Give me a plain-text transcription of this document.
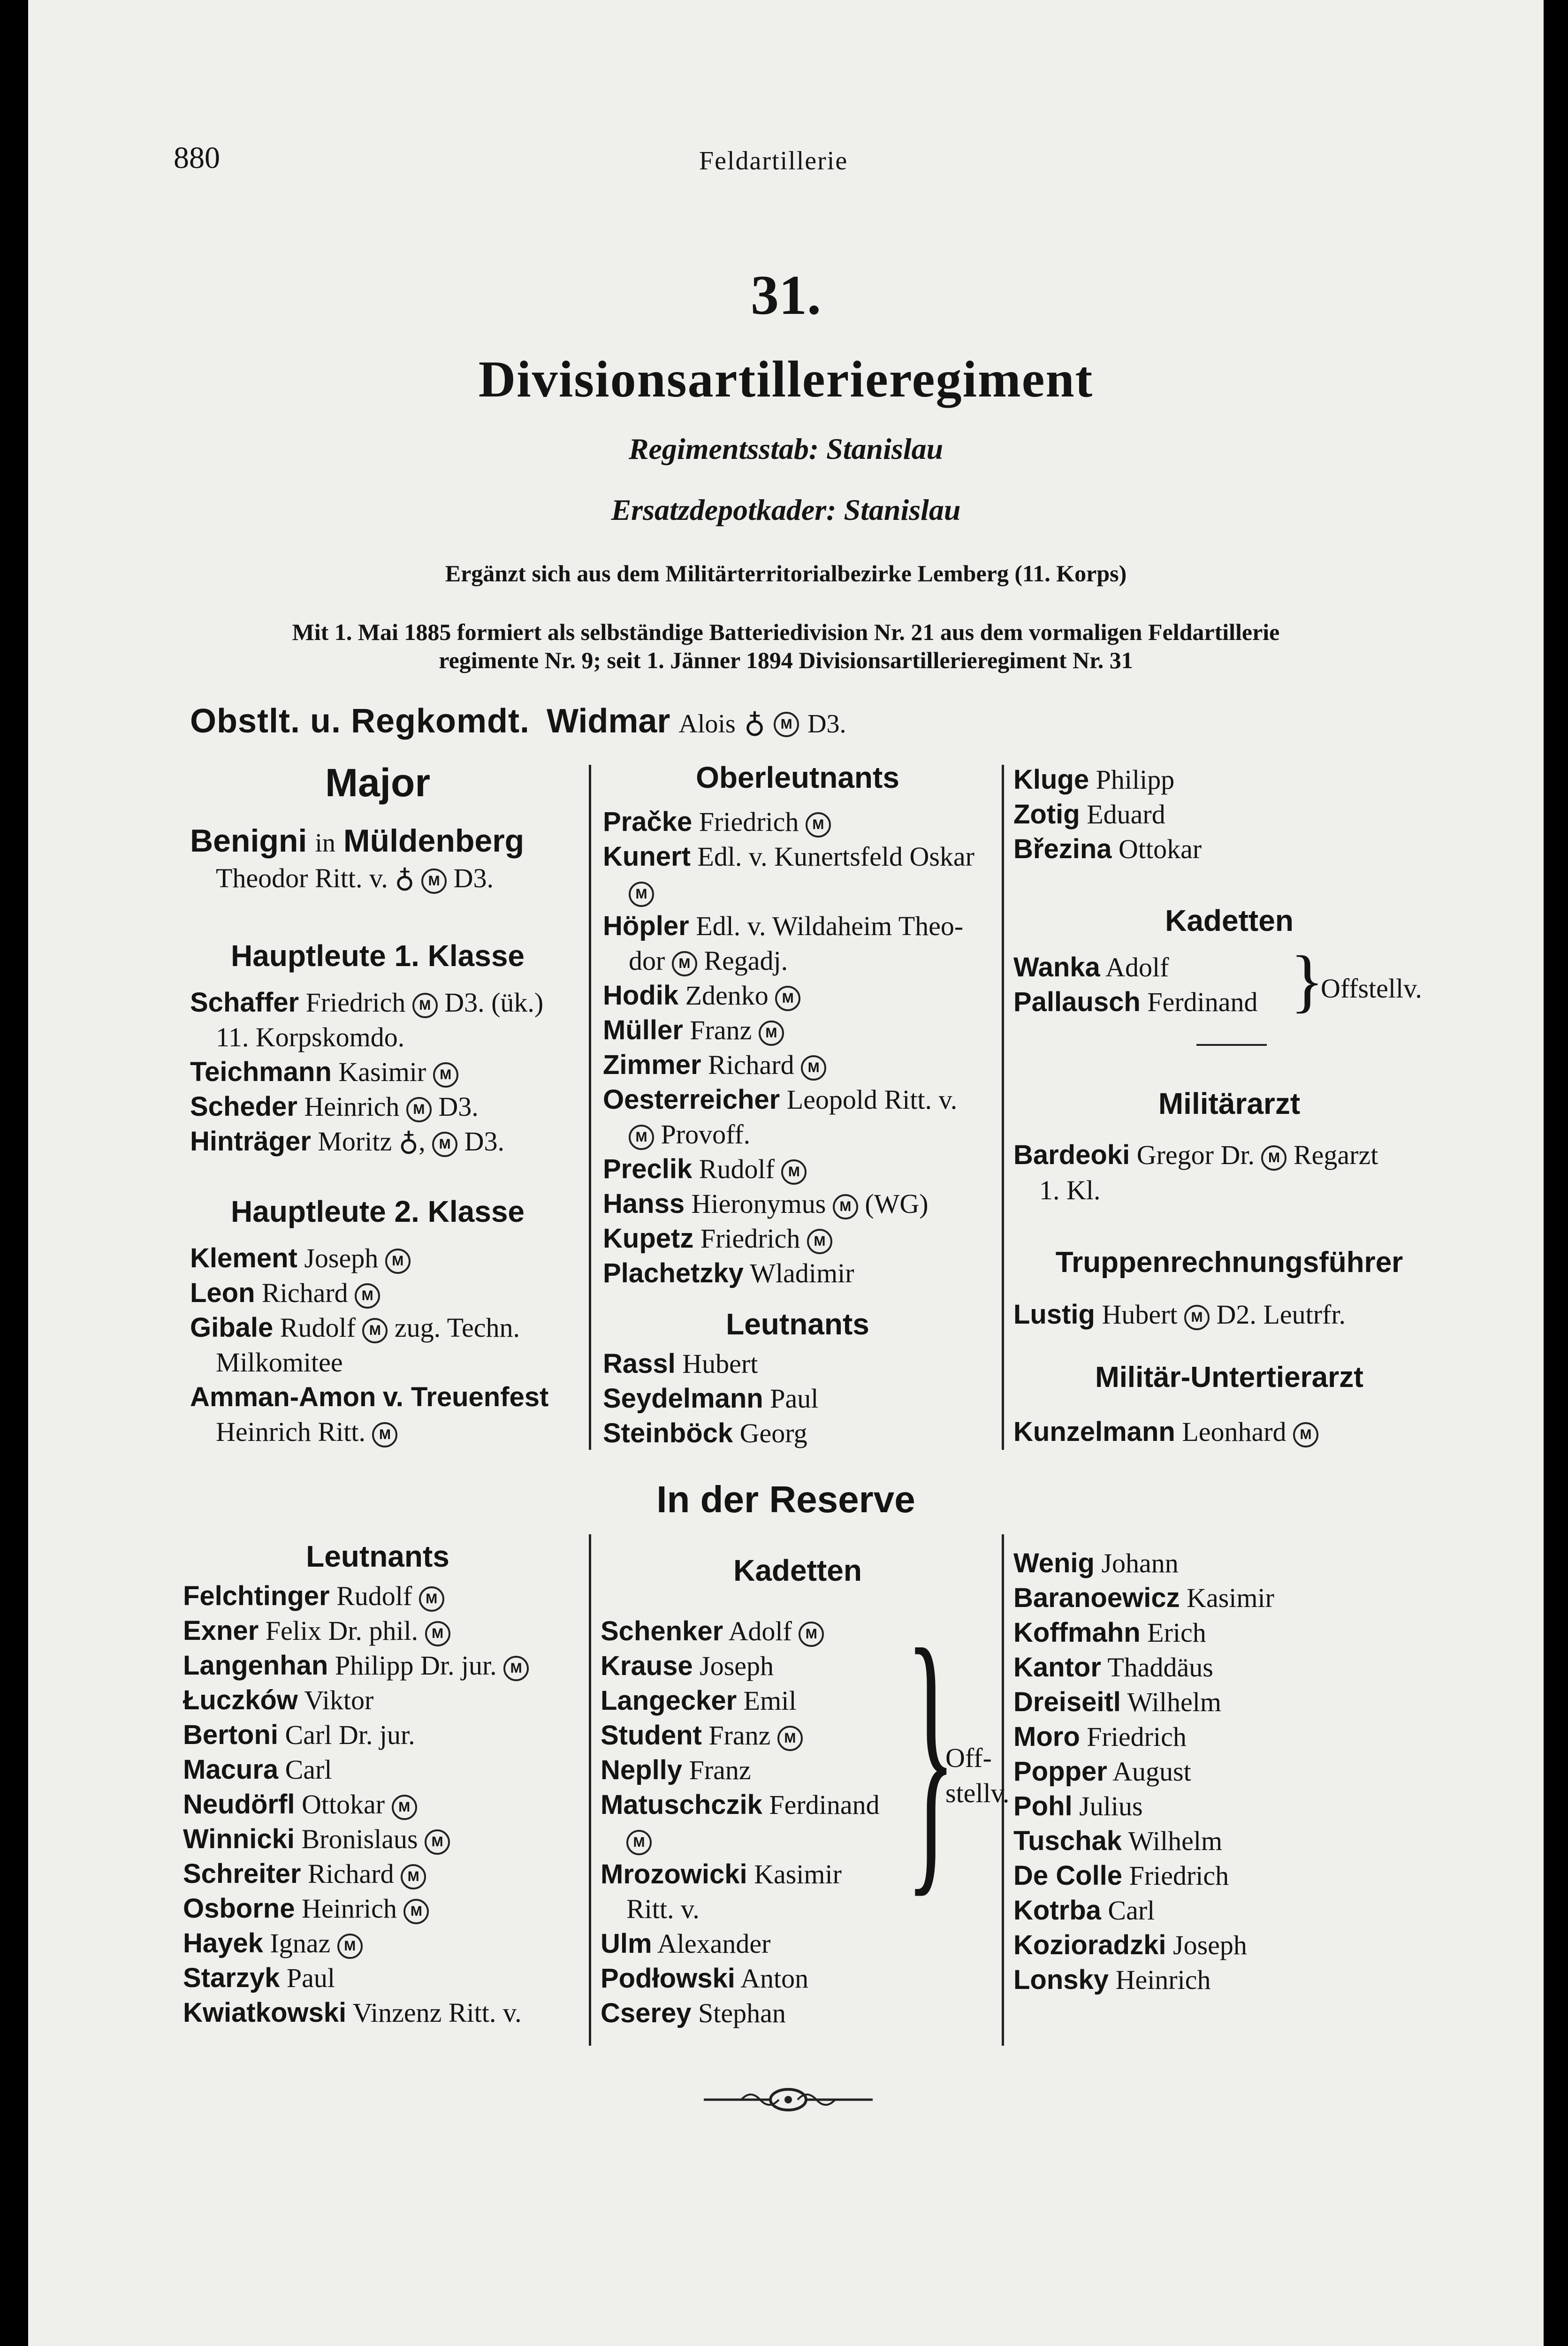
880	Feldartillerie
31.
Divisionsartillerieregiment
Regimentsstab: Stanislau
Ersatzdepotkader: Stanislau
Ergänzt sich aus dem Militärterritorialbezirke Lemberg (11. Korps)
Mit 1. Mai 1885 formiert als selbständige Batteriedivision Nr. 21 aus dem vormaligen Feldartillerie
regimente Nr. 9; seit 1. Jänner 1894 Divisionsartillerieregiment Nr. 31
Obstlt. u. Regkomdt. Widmar Alois ♁ M D3.
Major
Benigni in Müldenberg
Theodor Ritt. v. ♁ M D3.
Hauptleute 1. Klasse
Schaffer Friedrich M D3. (ük.)
11. Korpskomdo.
Teichmann Kasimir M
Scheder Heinrich M D3.
Hinträger Moritz ♁, M D3.
Hauptleute 2. Klasse
Klement Joseph M
Leon Richard M
Gibale Rudolf M zug. Techn.
Milkomitee
Amman-Amon v. Treuenfest
Heinrich Ritt. M
Oberleutnants
Pračke Friedrich M
Kunert Edl. v. Kunertsfeld Oskar
M
Höpler Edl. v. Wildaheim Theo-
dor M Regadj.
Hodik Zdenko M
Müller Franz M
Zimmer Richard M
Oesterreicher Leopold Ritt. v.
M Provoff.
Preclik Rudolf M
Hanss Hieronymus M (WG)
Kupetz Friedrich M
Plachetzky Wladimir
Leutnants
Rassl Hubert
Seydelmann Paul
Steinböck Georg
Kluge Philipp
Zotig Eduard
Březina Ottokar
Kadetten
Wanka Adolf
Pallausch Ferdinand }
Offstellv.
Militärarzt
Bardeoki Gregor Dr. M Regarzt
1. Kl.
Truppenrechnungsführer
Lustig Hubert M D2. Leutrfr.
Militär-Untertierarzt
Kunzelmann Leonhard M
In der Reserve
Leutnants
Felchtinger Rudolf M
Exner Felix Dr. phil. M
Langenhan Philipp Dr. jur. M
Łuczków Viktor
Bertoni Carl Dr. jur.
Macura Carl
Neudörfl Ottokar M
Winnicki Bronislaus M
Schreiter Richard M
Osborne Heinrich M
Hayek Ignaz M
Starzyk Paul
Kwiatkowski Vinzenz Ritt. v.
Kadetten
Schenker Adolf M
Krause Joseph
Langecker Emil
Student Franz M
Neplly Franz
Matuschczik Ferdinand
M
Mrozowicki Kasimir
Ritt. v.
Ulm Alexander
Podłowski Anton
Cserey Stephan
}
Off-
stellv.
Wenig Johann
Baranoewicz Kasimir
Koffmahn Erich
Kantor Thaddäus
Dreiseitl Wilhelm
Moro Friedrich
Popper August
Pohl Julius
Tuschak Wilhelm
De Colle Friedrich
Kotrba Carl
Kozioradzki Joseph
Lonsky Heinrich
